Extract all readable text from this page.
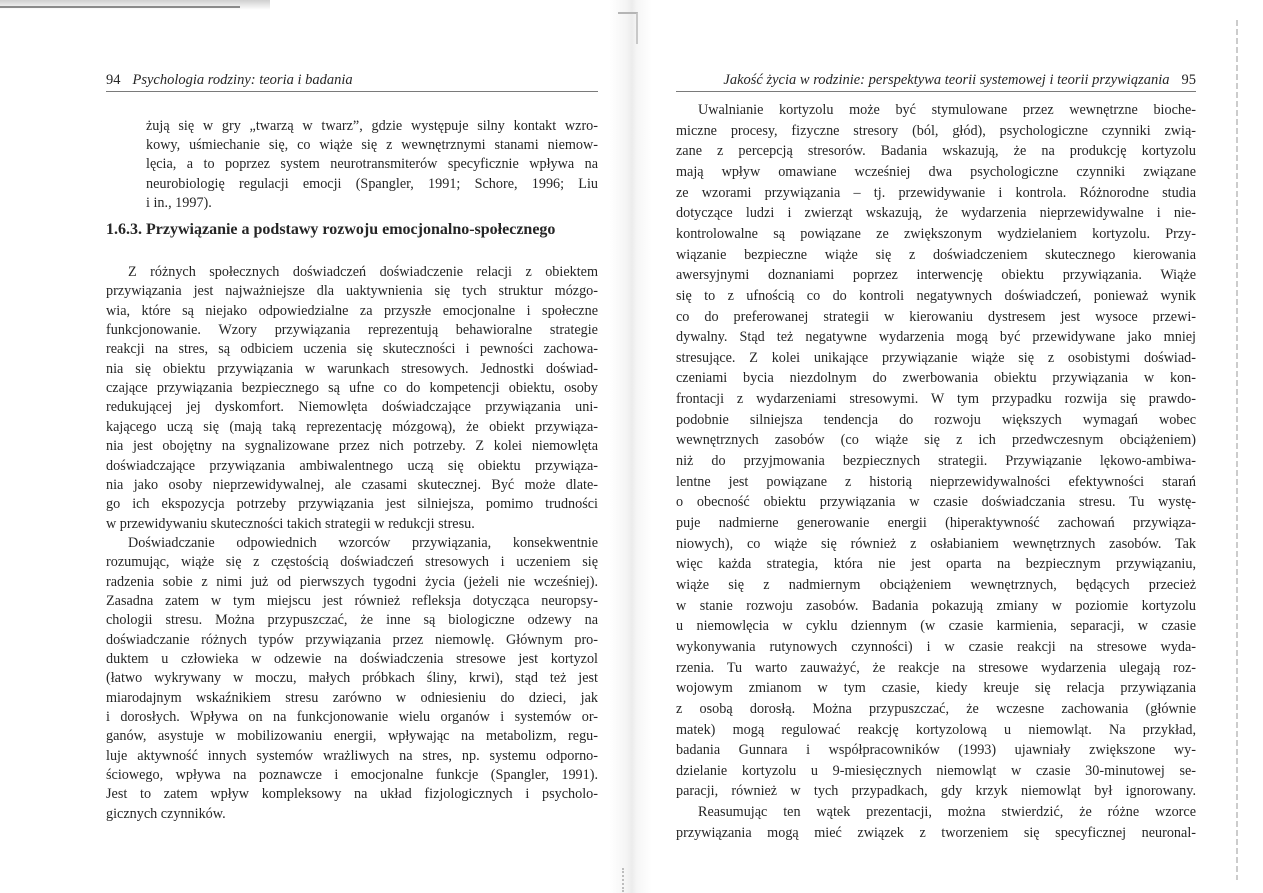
94 Psychologia rodziny: teoria i badania
żują się w gry „twarzą w twarz”, gdzie występuje silny kontakt wzro-
kowy, uśmiechanie się, co wiąże się z wewnętrznymi stanami niemow-
lęcia, a to poprzez system neurotransmiterów specyficznie wpływa na
neurobiologię regulacji emocji (Spangler, 1991; Schore, 1996; Liu
i in., 1997).
1.6.3. Przywiązanie a podstawy rozwoju emocjonalno-społecznego
Z różnych społecznych doświadczeń doświadczenie relacji z obiektem
przywiązania jest najważniejsze dla uaktywnienia się tych struktur mózgo-
wia, które są niejako odpowiedzialne za przyszłe emocjonalne i społeczne
funkcjonowanie. Wzory przywiązania reprezentują behawioralne strategie
reakcji na stres, są odbiciem uczenia się skuteczności i pewności zachowa-
nia się obiektu przywiązania w warunkach stresowych. Jednostki doświad-
czające przywiązania bezpiecznego są ufne co do kompetencji obiektu, osoby
redukującej jej dyskomfort. Niemowlęta doświadczające przywiązania uni-
kającego uczą się (mają taką reprezentację mózgową), że obiekt przywiąza-
nia jest obojętny na sygnalizowane przez nich potrzeby. Z kolei niemowlęta
doświadczające przywiązania ambiwalentnego uczą się obiektu przywiąza-
nia jako osoby nieprzewidywalnej, ale czasami skutecznej. Być może dlate-
go ich ekspozycja potrzeby przywiązania jest silniejsza, pomimo trudności
w przewidywaniu skuteczności takich strategii w redukcji stresu.
Doświadczanie odpowiednich wzorców przywiązania, konsekwentnie
rozumując, wiąże się z częstością doświadczeń stresowych i uczeniem się
radzenia sobie z nimi już od pierwszych tygodni życia (jeżeli nie wcześniej).
Zasadna zatem w tym miejscu jest również refleksja dotycząca neuropsy-
chologii stresu. Można przypuszczać, że inne są biologiczne odzewy na
doświadczanie różnych typów przywiązania przez niemowlę. Głównym pro-
duktem u człowieka w odzewie na doświadczenia stresowe jest kortyzol
(łatwo wykrywany w moczu, małych próbkach śliny, krwi), stąd też jest
miarodajnym wskaźnikiem stresu zarówno w odniesieniu do dzieci, jak
i dorosłych. Wpływa on na funkcjonowanie wielu organów i systemów or-
ganów, asystuje w mobilizowaniu energii, wpływając na metabolizm, regu-
luje aktywność innych systemów wrażliwych na stres, np. systemu odporno-
ściowego, wpływa na poznawcze i emocjonalne funkcje (Spangler, 1991).
Jest to zatem wpływ kompleksowy na układ fizjologicznych i psycholo-
gicznych czynników.
Jakość życia w rodzinie: perspektywa teorii systemowej i teorii przywiązania 95
Uwalnianie kortyzolu może być stymulowane przez wewnętrzne bioche-
miczne procesy, fizyczne stresory (ból, głód), psychologiczne czynniki zwią-
zane z percepcją stresorów. Badania wskazują, że na produkcję kortyzolu
mają wpływ omawiane wcześniej dwa psychologiczne czynniki związane
ze wzorami przywiązania – tj. przewidywanie i kontrola. Różnorodne studia
dotyczące ludzi i zwierząt wskazują, że wydarzenia nieprzewidywalne i nie-
kontrolowalne są powiązane ze zwiększonym wydzielaniem kortyzolu. Przy-
wiązanie bezpieczne wiąże się z doświadczeniem skutecznego kierowania
awersyjnymi doznaniami poprzez interwencję obiektu przywiązania. Wiąże
się to z ufnością co do kontroli negatywnych doświadczeń, ponieważ wynik
co do preferowanej strategii w kierowaniu dystresem jest wysoce przewi-
dywalny. Stąd też negatywne wydarzenia mogą być przewidywane jako mniej
stresujące. Z kolei unikające przywiązanie wiąże się z osobistymi doświad-
czeniami bycia niezdolnym do zwerbowania obiektu przywiązania w kon-
frontacji z wydarzeniami stresowymi. W tym przypadku rozwija się prawdo-
podobnie silniejsza tendencja do rozwoju większych wymagań wobec
wewnętrznych zasobów (co wiąże się z ich przedwczesnym obciążeniem)
niż do przyjmowania bezpiecznych strategii. Przywiązanie lękowo-ambiwa-
lentne jest powiązane z historią nieprzewidywalności efektywności starań
o obecność obiektu przywiązania w czasie doświadczania stresu. Tu wystę-
puje nadmierne generowanie energii (hiperaktywność zachowań przywiąza-
niowych), co wiąże się również z osłabianiem wewnętrznych zasobów. Tak
więc każda strategia, która nie jest oparta na bezpiecznym przywiązaniu,
wiąże się z nadmiernym obciążeniem wewnętrznych, będących przecież
w stanie rozwoju zasobów. Badania pokazują zmiany w poziomie kortyzolu
u niemowlęcia w cyklu dziennym (w czasie karmienia, separacji, w czasie
wykonywania rutynowych czynności) i w czasie reakcji na stresowe wyda-
rzenia. Tu warto zauważyć, że reakcje na stresowe wydarzenia ulegają roz-
wojowym zmianom w tym czasie, kiedy kreuje się relacja przywiązania
z osobą dorosłą. Można przypuszczać, że wczesne zachowania (głównie
matek) mogą regulować reakcję kortyzolową u niemowląt. Na przykład,
badania Gunnara i współpracowników (1993) ujawniały zwiększone wy-
dzielanie kortyzolu u 9-miesięcznych niemowląt w czasie 30-minutowej se-
paracji, również w tych przypadkach, gdy krzyk niemowląt był ignorowany.
Reasumując ten wątek prezentacji, można stwierdzić, że różne wzorce
przywiązania mogą mieć związek z tworzeniem się specyficznej neuronal-
